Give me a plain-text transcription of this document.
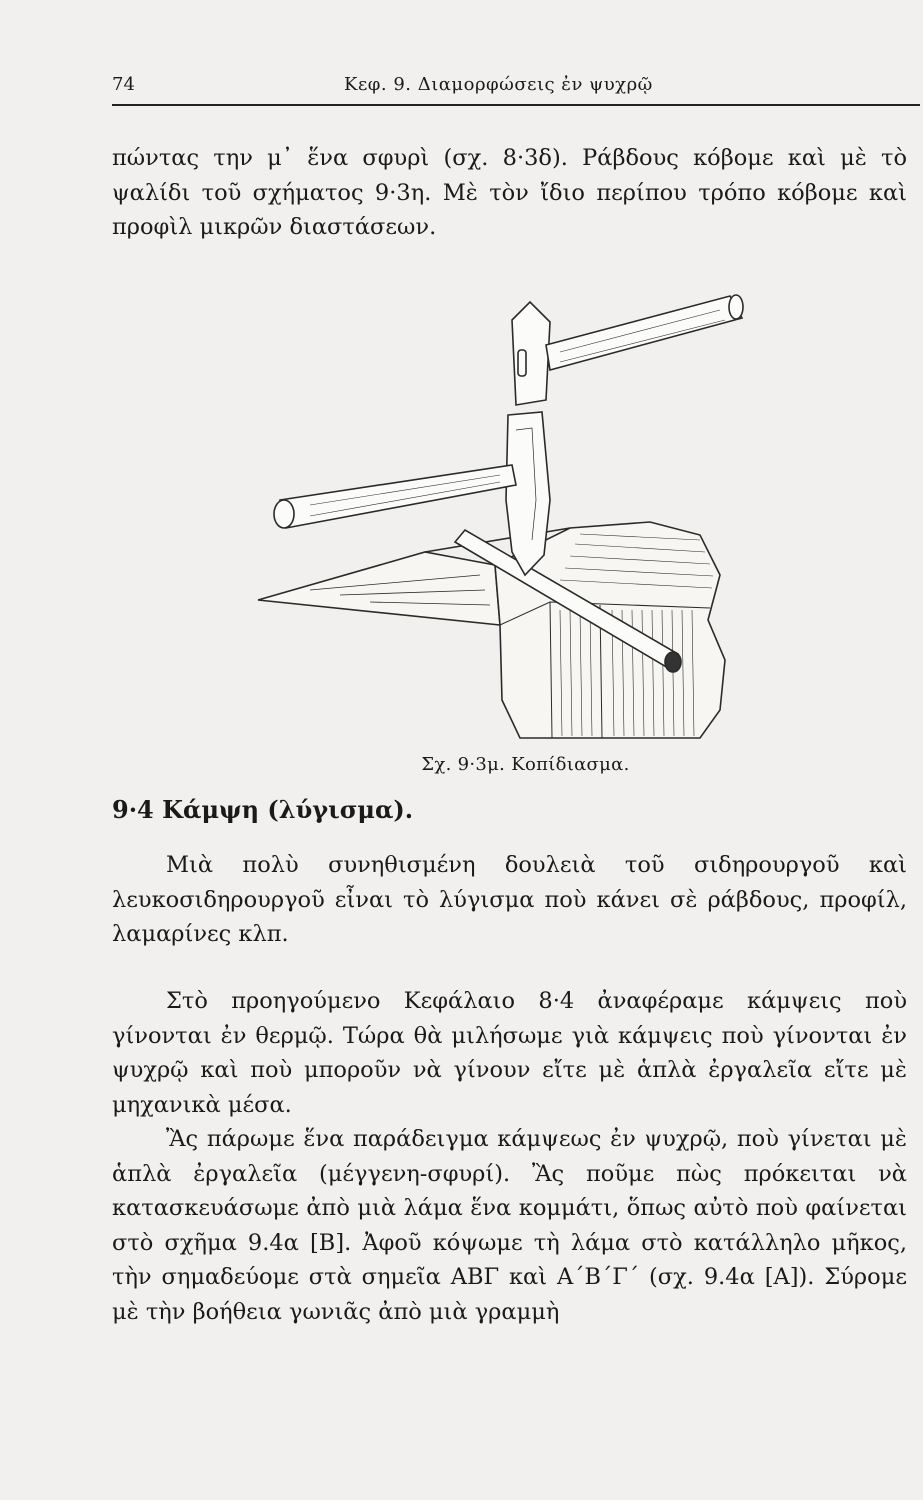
74	Κεφ. 9. Διαμορφώσεις ἐν ψυχρῷ

πώντας την μ᾽ ἕνα σφυρὶ (σχ. 8·3δ). Ράβδους κόβομε καὶ μὲ τὸ ψαλίδι τοῦ σχήματος 9·3η. Μὲ τὸν ἴδιο περίπου τρόπο κόβομε καὶ προφὶλ μικρῶν διαστάσεων.

Σχ. 9·3μ. Κοπίδιασμα.
9·4 Κάμψη (λύγισμα).

Μιὰ πολὺ συνηθισμένη δουλειὰ τοῦ σιδηρουργοῦ καὶ λευκοσιδηρουργοῦ εἶναι τὸ λύγισμα ποὺ κάνει σὲ ράβδους, προφίλ, λαμαρίνες κλπ.

Στὸ προηγούμενο Κεφάλαιο 8·4 ἀναφέραμε κάμψεις ποὺ γίνονται ἐν θερμῷ. Τώρα θὰ μιλήσωμε γιὰ κάμψεις ποὺ γίνονται ἐν ψυχρῷ καὶ ποὺ μποροῦν νὰ γίνουν εἴτε μὲ ἁπλὰ ἐργαλεῖα εἴτε μὲ μηχανικὰ μέσα.

Ἂς πάρωμε ἕνα παράδειγμα κάμψεως ἐν ψυχρῷ, ποὺ γίνεται μὲ ἁπλὰ ἐργαλεῖα (μέγγενη-σφυρί). Ἂς ποῦμε πὼς πρόκειται νὰ κατασκευάσωμε ἀπὸ μιὰ λάμα ἕνα κομμάτι, ὅπως αὐτὸ ποὺ φαίνεται στὸ σχῆμα 9.4α [Β]. Ἀφοῦ κόψωμε τὴ λάμα στὸ κατάλληλο μῆκος, τὴν σημαδεύομε στὰ σημεῖα ΑΒΓ καὶ Α΄Β΄Γ΄ (σχ. 9.4α [Α]). Σύρομε μὲ τὴν βοήθεια γωνιᾶς ἀπὸ μιὰ γραμμὴ
